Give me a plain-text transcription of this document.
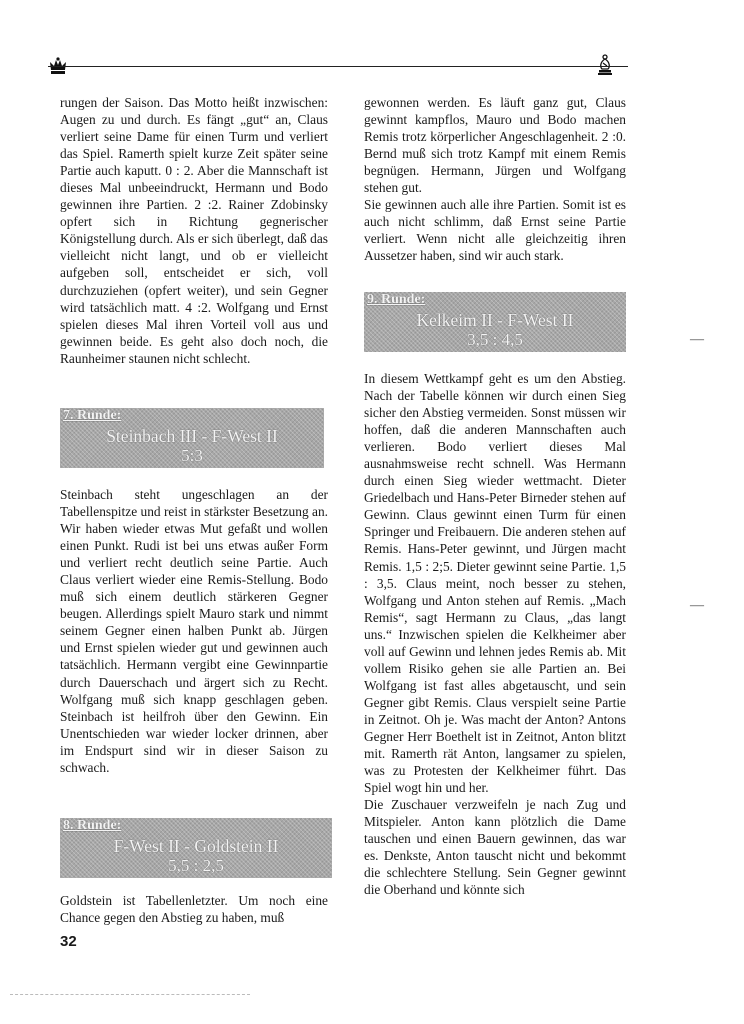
rungen der Saison. Das Motto heißt inzwischen: Augen zu und durch. Es fängt „gut“ an, Claus verliert seine Dame für einen Turm und verliert das Spiel. Ramerth spielt kurze Zeit später seine Partie auch kaputt. 0 : 2. Aber die Mannschaft ist dieses Mal unbeeindruckt, Hermann und Bodo gewinnen ihre Partien. 2 :2. Rainer Zdobinsky opfert sich in Richtung gegnerischer Königstellung durch. Als er sich überlegt, daß das vielleicht nicht langt, und ob er vielleicht aufgeben soll, entscheidet er sich, voll durchzuziehen (opfert weiter), und sein Gegner wird tatsächlich matt. 4 :2. Wolfgang und Ernst spielen dieses Mal ihren Vorteil voll aus und gewinnen beide. Es geht also doch noch, die Raunheimer staunen nicht schlecht.

7. Runde:
Steinbach III - F-West II
5:3

Steinbach steht ungeschlagen an der Tabellenspitze und reist in stärkster Besetzung an. Wir haben wieder etwas Mut gefaßt und wollen einen Punkt. Rudi ist bei uns etwas außer Form und verliert recht deutlich seine Partie. Auch Claus verliert wieder eine Remis-Stellung. Bodo muß sich einem deutlich stärkeren Gegner beugen. Allerdings spielt Mauro stark und nimmt seinem Gegner einen halben Punkt ab. Jürgen und Ernst spielen wieder gut und gewinnen auch tatsächlich. Hermann vergibt eine Gewinnpartie durch Dauerschach und ärgert sich zu Recht. Wolfgang muß sich knapp geschlagen geben. Steinbach ist heilfroh über den Gewinn. Ein Unentschieden war wieder locker drinnen, aber im Endspurt sind wir in dieser Saison zu schwach.

8. Runde:
F-West II - Goldstein II
5,5 : 2,5

Goldstein ist Tabellenletzter. Um noch eine Chance gegen den Abstieg zu haben, muß

32

gewonnen werden. Es läuft ganz gut, Claus gewinnt kampflos, Mauro und Bodo machen Remis trotz körperlicher Angeschlagenheit. 2 :0. Bernd muß sich trotz Kampf mit einem Remis begnügen. Hermann, Jürgen und Wolfgang stehen gut.

Sie gewinnen auch alle ihre Partien. Somit ist es auch nicht schlimm, daß Ernst seine Partie verliert. Wenn nicht alle gleichzeitig ihren Aussetzer haben, sind wir auch stark.

9. Runde:
Kelkeim II - F-West II
3,5 : 4,5

In diesem Wettkampf geht es um den Abstieg. Nach der Tabelle können wir durch einen Sieg sicher den Abstieg vermeiden. Sonst müssen wir hoffen, daß die anderen Mannschaften auch verlieren. Bodo verliert dieses Mal ausnahmsweise recht schnell. Was Hermann durch einen Sieg wieder wettmacht. Dieter Griedelbach und Hans-Peter Birneder stehen auf Gewinn. Claus gewinnt einen Turm für einen Springer und Freibauern. Die anderen stehen auf Remis. Hans-Peter gewinnt, und Jürgen macht Remis. 1,5 : 2;5. Dieter gewinnt seine Partie. 1,5 : 3,5. Claus meint, noch besser zu stehen, Wolfgang und Anton stehen auf Remis. „Mach Remis“, sagt Hermann zu Claus, „das langt uns.“ Inzwischen spielen die Kelkheimer aber voll auf Gewinn und lehnen jedes Remis ab. Mit vollem Risiko gehen sie alle Partien an. Bei Wolfgang ist fast alles abgetauscht, und sein Gegner gibt Remis. Claus verspielt seine Partie in Zeitnot. Oh je. Was macht der Anton? Antons Gegner Herr Boethelt ist in Zeitnot, Anton blitzt mit. Ramerth rät Anton, langsamer zu spielen, was zu Protesten der Kelkheimer führt. Das Spiel wogt hin und her.

Die Zuschauer verzweifeln je nach Zug und Mitspieler. Anton kann plötzlich die Dame tauschen und einen Bauern gewinnen, das war es. Denkste, Anton tauscht nicht und bekommt die schlechtere Stellung. Sein Gegner gewinnt die Oberhand und könnte sich

—
—
